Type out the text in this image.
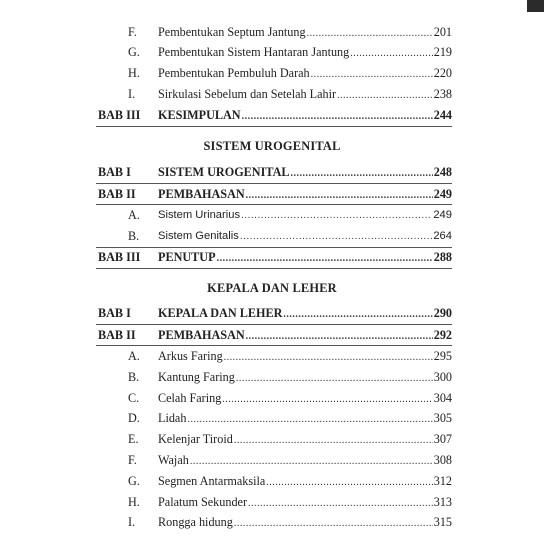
F. Pembentukan Septum Jantung .....	201
G. Pembentukan Sistem Hantaran Jantung .....	219
H. Pembentukan Pembuluh Darah .....	220
I. Sirkulasi Sebelum dan Setelah Lahir .....	238
BAB III KESIMPULAN .....	244
SISTEM UROGENITAL
BAB I SISTEM UROGENITAL .....	248
BAB II PEMBAHASAN .....	249
A. Sistem Urinarius .....	249
B. Sistem Genitalis .....	264
BAB III PENUTUP .....	288
KEPALA DAN LEHER
BAB I KEPALA DAN LEHER .....	290
BAB II PEMBAHASAN .....	292
A. Arkus Faring .....	295
B. Kantung Faring .....	300
C. Celah Faring .....	304
D. Lidah .....	305
E. Kelenjar Tiroid .....	307
F. Wajah .....	308
G. Segmen Antarmaksila .....	312
H. Palatum Sekunder .....	313
I. Rongga hidung .....	315
